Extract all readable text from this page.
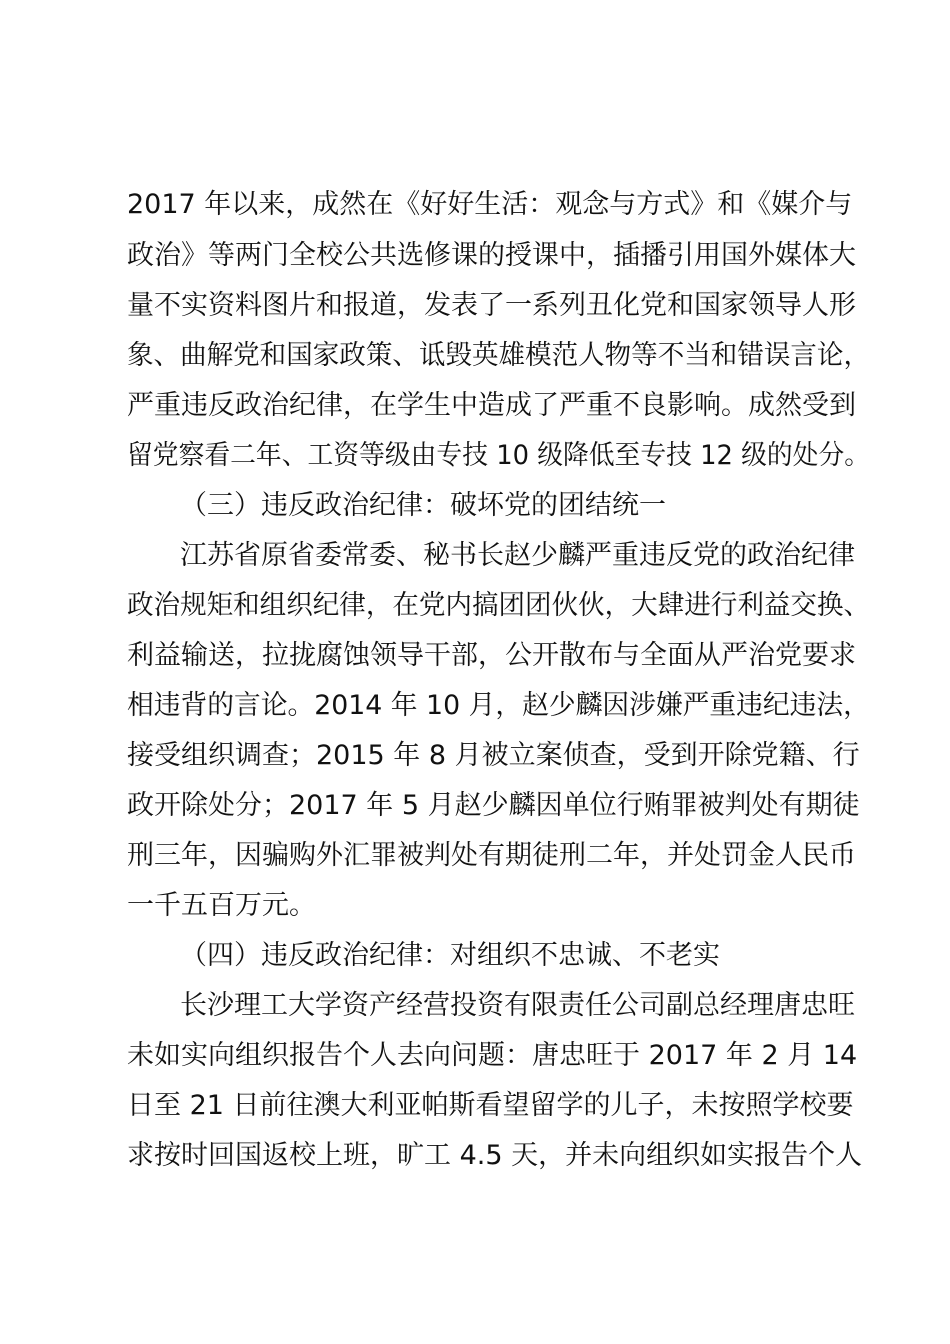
2017 年以来，成然在《好好生活：观念与方式》和《媒介与
政治》等两门全校公共选修课的授课中，插播引用国外媒体大
量不实资料图片和报道，发表了一系列丑化党和国家领导人形
象、曲解党和国家政策、诋毁英雄模范人物等不当和错误言论，
严重违反政治纪律，在学生中造成了严重不良影响。成然受到
留党察看二年、工资等级由专技 10 级降低至专技 12 级的处分。
（三）违反政治纪律：破坏党的团结统一
江苏省原省委常委、秘书长赵少麟严重违反党的政治纪律
政治规矩和组织纪律，在党内搞团团伙伙，大肆进行利益交换、
利益输送，拉拢腐蚀领导干部，公开散布与全面从严治党要求
相违背的言论。2014 年 10 月，赵少麟因涉嫌严重违纪违法，
接受组织调查；2015 年 8 月被立案侦查，受到开除党籍、行
政开除处分；2017 年 5 月赵少麟因单位行贿罪被判处有期徒
刑三年，因骗购外汇罪被判处有期徒刑二年，并处罚金人民币
一千五百万元。
（四）违反政治纪律：对组织不忠诚、不老实
长沙理工大学资产经营投资有限责任公司副总经理唐忠旺
未如实向组织报告个人去向问题：唐忠旺于 2017 年 2 月 14
日至 21 日前往澳大利亚帕斯看望留学的儿子，未按照学校要
求按时回国返校上班，旷工 4.5 天，并未向组织如实报告个人
